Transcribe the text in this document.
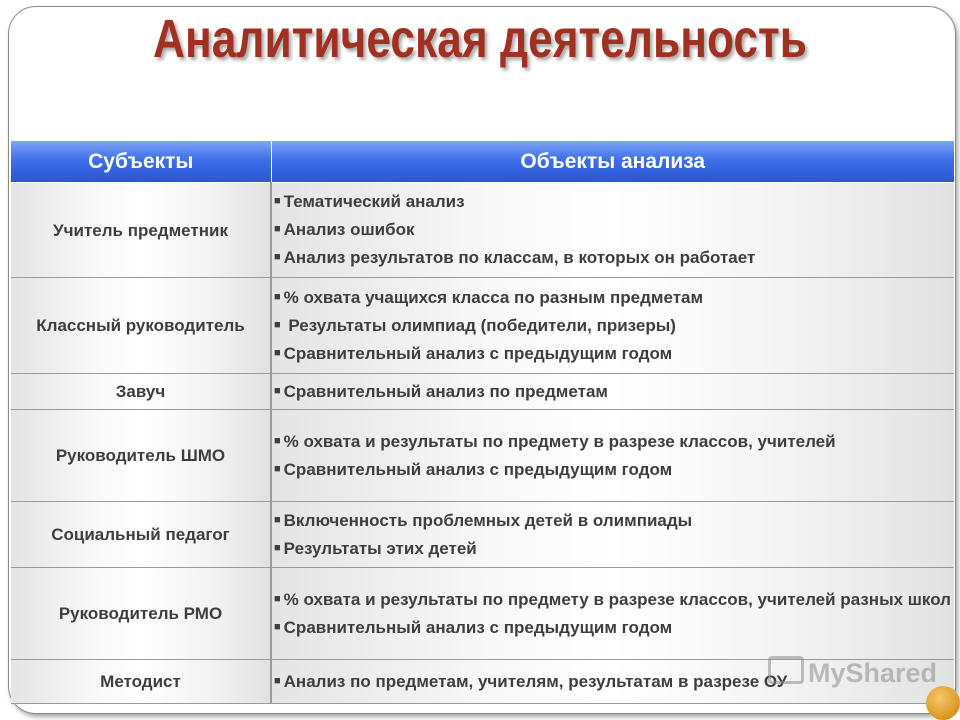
Аналитическая деятельность
Субъекты	Объекты анализа
Учитель предметник	■ Тематический анализ
■ Анализ ошибок
■ Анализ результатов по классам, в которых он работает

Классный руководитель	■ % охвата учащихся класса по разным предметам
■ Результаты олимпиад (победители, призеры)
■ Сравнительный анализ с предыдущим годом

Завуч	■ Сравнительный анализ по предметам

Руководитель ШМО	■ % охвата и результаты по предмету в разрезе классов, учителей
■ Сравнительный анализ с предыдущим годом

Социальный педагог	■ Включенность проблемных детей в олимпиады
■ Результаты этих детей

Руководитель РМО	■ % охвата и результаты по предмету в разрезе классов, учителей разных школ
■ Сравнительный анализ с предыдущим годом

Методист	■ Анализ по предметам, учителям, результатам в разрезе ОУ MyShared
